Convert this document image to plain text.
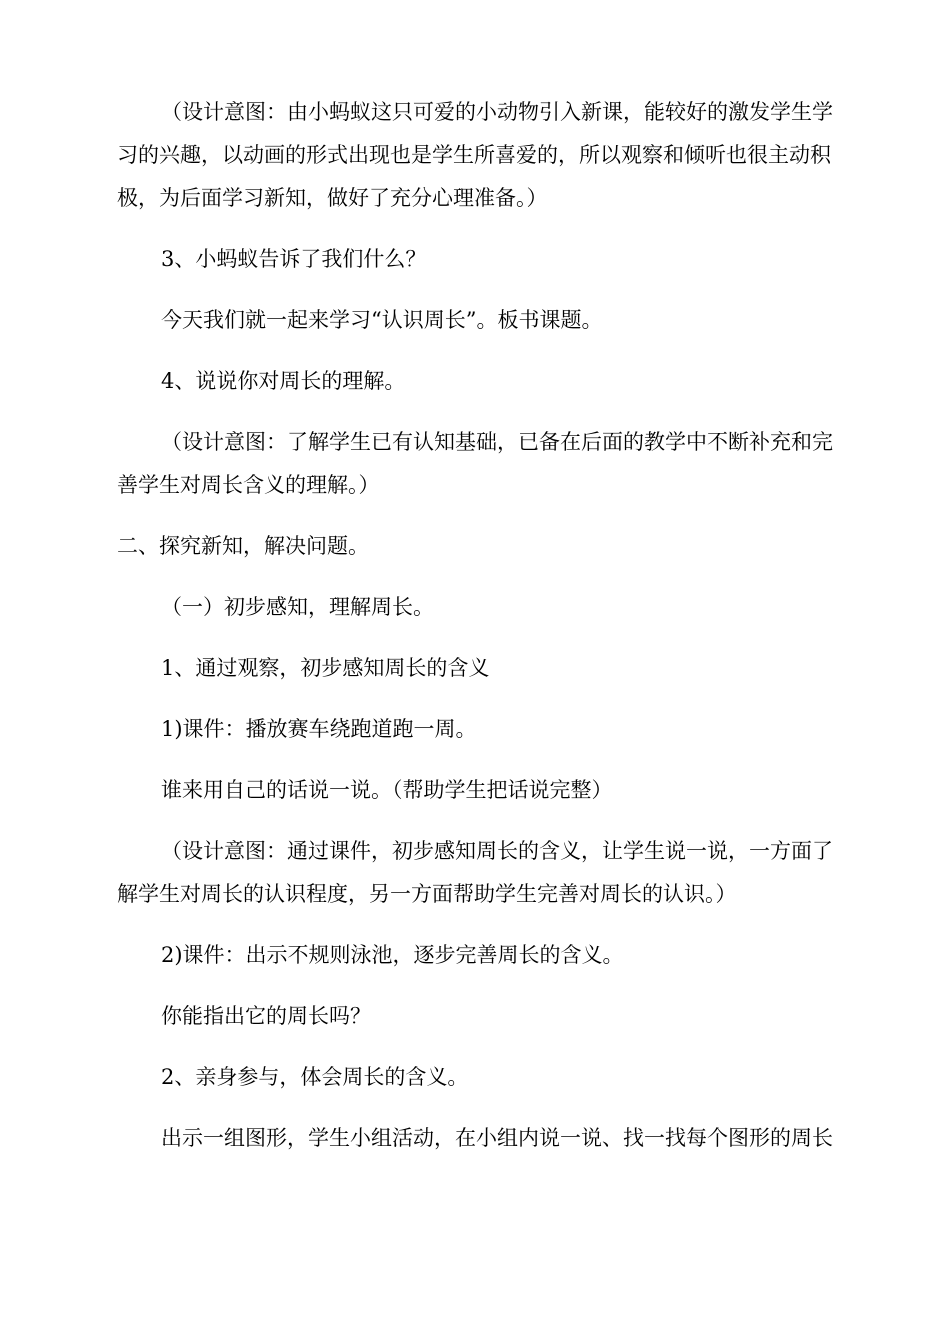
（设计意图：由小蚂蚁这只可爱的小动物引入新课，能较好的激发学生学习的兴趣，以动画的形式出现也是学生所喜爱的，所以观察和倾听也很主动积极，为后面学习新知，做好了充分心理准备。）

3、小蚂蚁告诉了我们什么？

今天我们就一起来学习“认识周长”。板书课题。

4、说说你对周长的理解。

（设计意图：了解学生已有认知基础，已备在后面的教学中不断补充和完善学生对周长含义的理解。）

二、探究新知，解决问题。

（一）初步感知，理解周长。

1、通过观察，初步感知周长的含义

1)课件：播放赛车绕跑道跑一周。

谁来用自己的话说一说。（帮助学生把话说完整）

（设计意图：通过课件，初步感知周长的含义，让学生说一说，一方面了解学生对周长的认识程度，另一方面帮助学生完善对周长的认识。）

2)课件：出示不规则泳池，逐步完善周长的含义。

你能指出它的周长吗？

2、亲身参与，体会周长的含义。

出示一组图形，学生小组活动，在小组内说一说、找一找每个图形的周长
